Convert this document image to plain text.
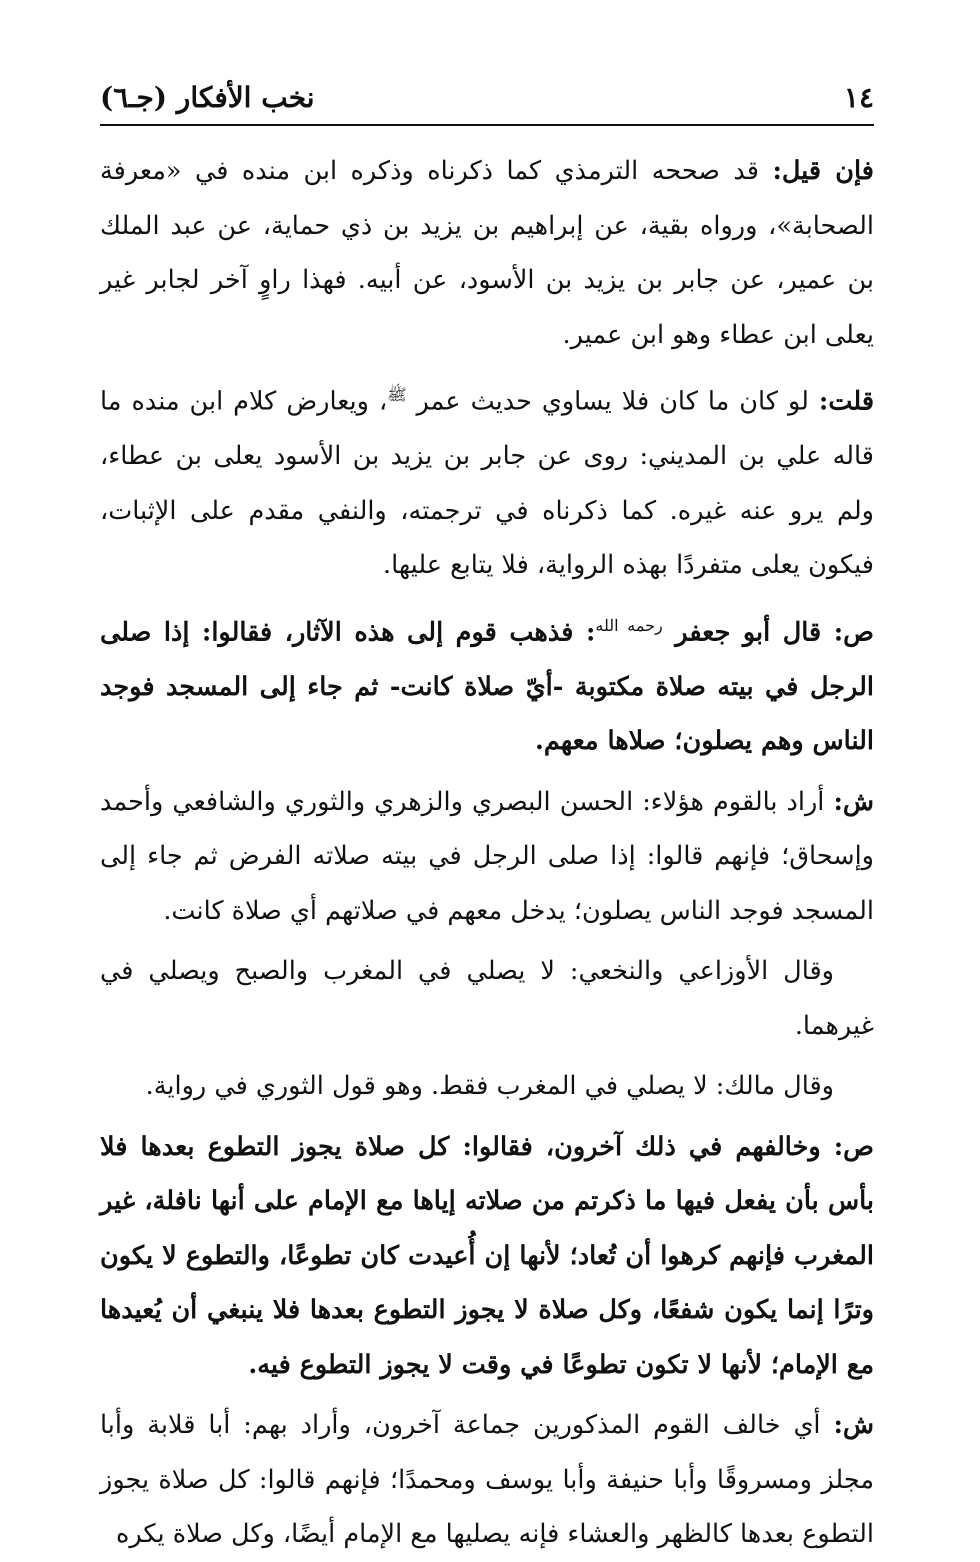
١٤
نخب الأفكار (جـ٦)

فإن قيل: قد صححه الترمذي كما ذكرناه وذكره ابن منده في «معرفة الصحابة»، ورواه بقية، عن إبراهيم بن يزيد بن ذي حماية، عن عبد الملك بن عمير، عن جابر بن يزيد بن الأسود، عن أبيه. فهذا راوٍ آخر لجابر غير يعلى ابن عطاء وهو ابن عمير.

قلت: لو كان ما كان فلا يساوي حديث عمر $^ﷺ$، ويعارض كلام ابن منده ما قاله علي بن المديني: روى عن جابر بن يزيد بن الأسود يعلى بن عطاء، ولم يرو عنه غيره. كما ذكرناه في ترجمته، والنفي مقدم على الإثبات، فيكون يعلى متفردًا بهذه الرواية، فلا يتابع عليها.

ص: قال أبو جعفر $^{رحمه الله}$: فذهب قوم إلى هذه الآثار، فقالوا: إذا صلى الرجل في بيته صلاة مكتوبة -أيّ صلاة كانت- ثم جاء إلى المسجد فوجد الناس وهم يصلون؛ صلاها معهم.

ش: أراد بالقوم هؤلاء: الحسن البصري والزهري والثوري والشافعي وأحمد وإسحاق؛ فإنهم قالوا: إذا صلى الرجل في بيته صلاته الفرض ثم جاء إلى المسجد فوجد الناس يصلون؛ يدخل معهم في صلاتهم أي صلاة كانت.

وقال الأوزاعي والنخعي: لا يصلي في المغرب والصبح ويصلي في غيرهما.

وقال مالك: لا يصلي في المغرب فقط. وهو قول الثوري في رواية.

ص: وخالفهم في ذلك آخرون، فقالوا: كل صلاة يجوز التطوع بعدها فلا بأس بأن يفعل فيها ما ذكرتم من صلاته إياها مع الإمام على أنها نافلة، غير المغرب فإنهم كرهوا أن تُعاد؛ لأنها إن أُعيدت كان تطوعًا، والتطوع لا يكون وترًا إنما يكون شفعًا، وكل صلاة لا يجوز التطوع بعدها فلا ينبغي أن يُعيدها مع الإمام؛ لأنها لا تكون تطوعًا في وقت لا يجوز التطوع فيه.

ش: أي خالف القوم المذكورين جماعة آخرون، وأراد بهم: أبا قلابة وأبا مجلز ومسروقًا وأبا حنيفة وأبا يوسف ومحمدًا؛ فإنهم قالوا: كل صلاة يجوز التطوع بعدها كالظهر والعشاء فإنه يصليها مع الإمام أيضًا، وكل صلاة يكره
